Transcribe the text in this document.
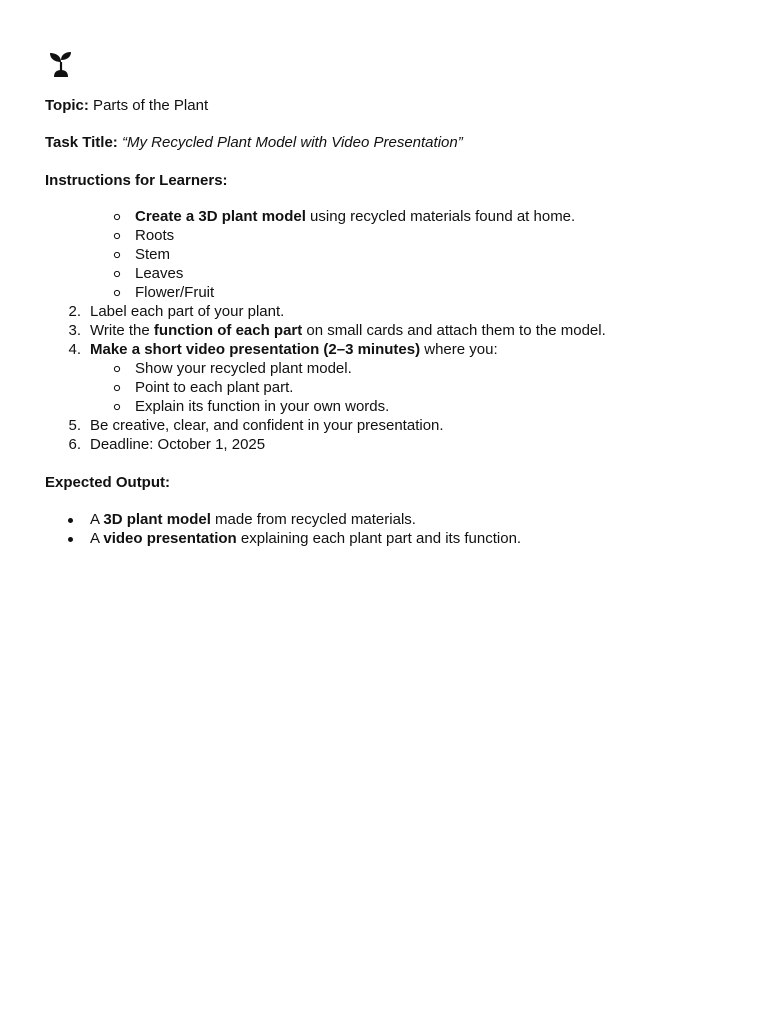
Topic: Parts of the Plant
Task Title: “My Recycled Plant Model with Video Presentation”
Instructions for Learners:
Create a 3D plant model using recycled materials found at home.
Roots
Stem
Leaves
Flower/Fruit
2. Label each part of your plant.
3. Write the function of each part on small cards and attach them to the model.
4. Make a short video presentation (2–3 minutes) where you:
Show your recycled plant model.
Point to each plant part.
Explain its function in your own words.
5. Be creative, clear, and confident in your presentation.
6. Deadline: October 1, 2025
Expected Output:
A 3D plant model made from recycled materials.
A video presentation explaining each plant part and its function.
